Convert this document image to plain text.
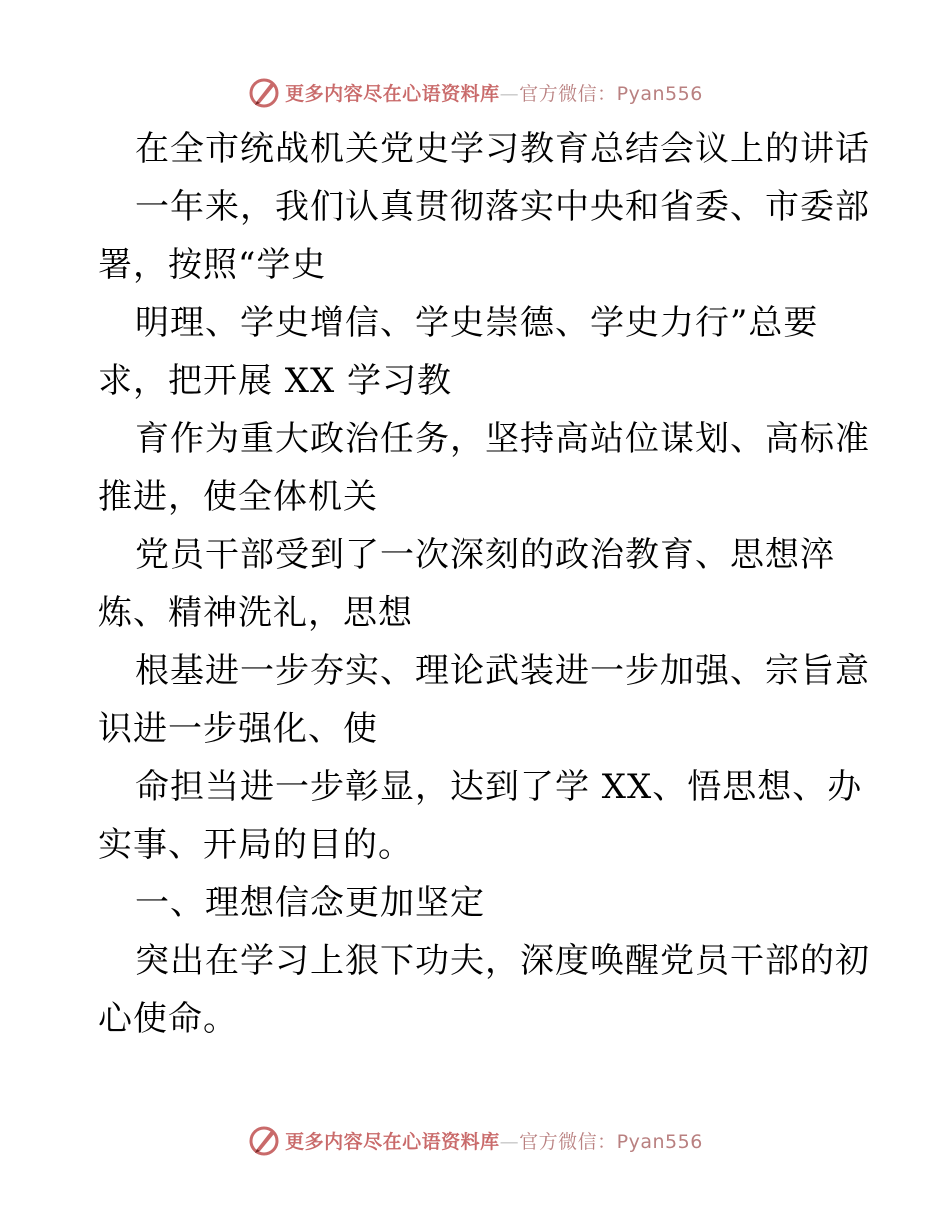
更多内容尽在心语资料库—官方微信：Pyan556
在全市统战机关党史学习教育总结会议上的讲话
一年来，我们认真贯彻落实中央和省委、市委部
署，按照“学史
明理、学史增信、学史崇德、学史力行”总要
求，把开展 XX 学习教
育作为重大政治任务，坚持高站位谋划、高标准
推进，使全体机关
党员干部受到了一次深刻的政治教育、思想淬
炼、精神洗礼，思想
根基进一步夯实、理论武装进一步加强、宗旨意
识进一步强化、使
命担当进一步彰显，达到了学 XX、悟思想、办
实事、开局的目的。
一、理想信念更加坚定
突出在学习上狠下功夫，深度唤醒党员干部的初
心使命。
更多内容尽在心语资料库—官方微信：Pyan556
